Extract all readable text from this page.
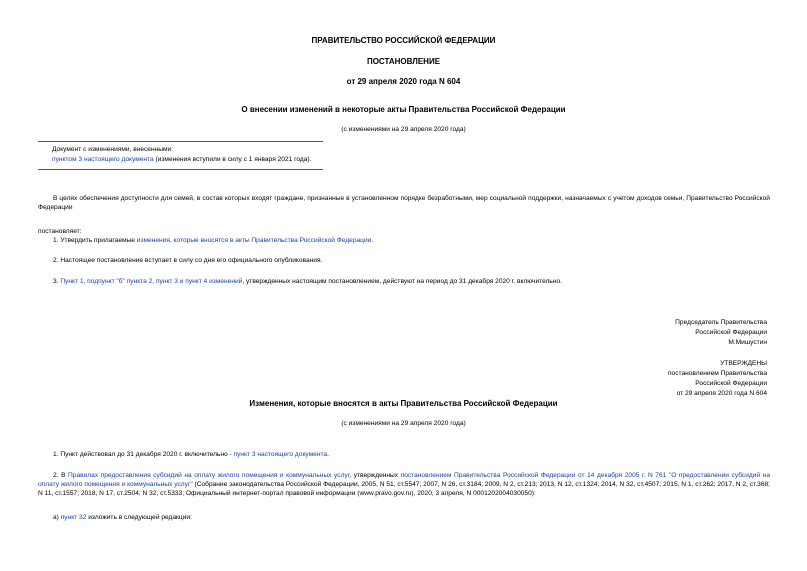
ПРАВИТЕЛЬСТВО РОССИЙСКОЙ ФЕДЕРАЦИИ
ПОСТАНОВЛЕНИЕ
от 29 апреля 2020 года N 604
О внесении изменений в некоторые акты Правительства Российской Федерации
(с изменениями на 29 апреля 2020 года)
Документ с изменениями, внесенными:
пунктом 3 настоящего документа (изменения вступили в силу с 1 января 2021 года).
В целях обеспечения доступности для семей, в состав которых входят граждане, признанные в установленном порядке безработными, мер социальной поддержки, назначаемых с учетом доходов семьи, Правительство Российской Федерации
постановляет:
1. Утвердить прилагаемые изменения, которые вносятся в акты Правительства Российской Федерации.
2. Настоящее постановление вступает в силу со дня его официального опубликования.
3. Пункт 1, подпункт "б" пункта 2, пункт 3 и пункт 4 изменений, утвержденных настоящим постановлением, действуют на период до 31 декабря 2020 г. включительно.
Председатель Правительства
Российской Федерации
М.Мишустин
УТВЕРЖДЕНЫ
постановлением Правительства
Российской Федерации
от 29 апреля 2020 года N 604
Изменения, которые вносятся в акты Правительства Российской Федерации
(с изменениями на 29 апреля 2020 года)
1. Пункт действовал до 31 декабря 2020 г. включительно - пункт 3 настоящего документа.
2. В Правилах предоставления субсидий на оплату жилого помещения и коммунальных услуг, утвержденных постановлением Правительства Российской Федерации от 14 декабря 2005 г. N 761 "О предоставлении субсидий на оплату жилого помещения и коммунальных услуг" (Собрание законодательства Российской Федерации, 2005, N 51, ст.5547; 2007, N 26, ст.3184; 2009, N 2, ст.213; 2013, N 12, ст.1324; 2014, N 32, ст.4507; 2015, N 1, ст.262; 2017, N 2, ст.368; N 11, ст.1557; 2018, N 17, ст.2504; N 32, ст.5333; Официальный интернет-портал правовой информации (www.pravo.gov.ru), 2020, 3 апреля, N 0001202004030050):
а) пункт 32 изложить в следующей редакции:
